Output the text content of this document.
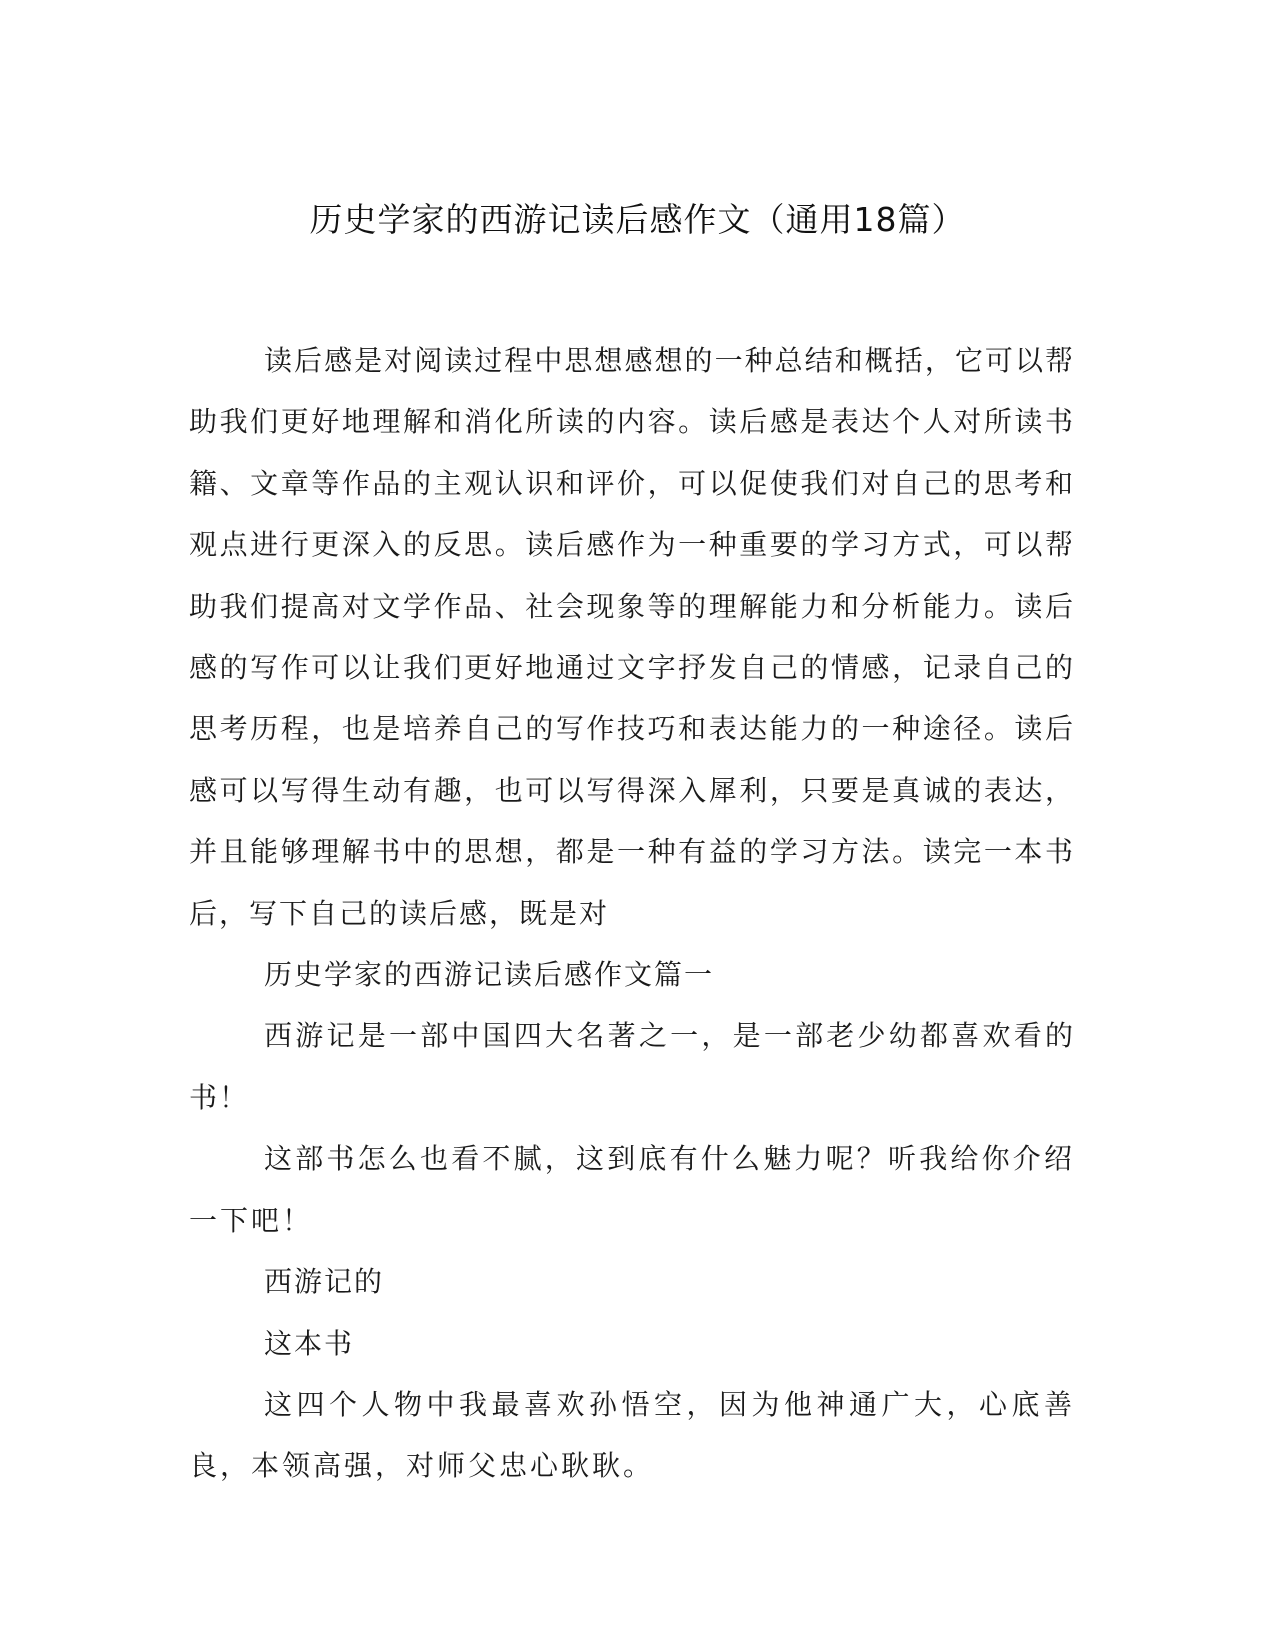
历史学家的西游记读后感作文（通用18篇）

读后感是对阅读过程中思想感想的一种总结和概括，它可以帮助我们更好地理解和消化所读的内容。读后感是表达个人对所读书籍、文章等作品的主观认识和评价，可以促使我们对自己的思考和观点进行更深入的反思。读后感作为一种重要的学习方式，可以帮助我们提高对文学作品、社会现象等的理解能力和分析能力。读后感的写作可以让我们更好地通过文字抒发自己的情感，记录自己的思考历程，也是培养自己的写作技巧和表达能力的一种途径。读后感可以写得生动有趣，也可以写得深入犀利，只要是真诚的表达，并且能够理解书中的思想，都是一种有益的学习方法。读完一本书后，写下自己的读后感，既是对

历史学家的西游记读后感作文篇一

西游记是一部中国四大名著之一，是一部老少幼都喜欢看的书！

这部书怎么也看不腻，这到底有什么魅力呢？听我给你介绍一下吧！

西游记的

这本书

这四个人物中我最喜欢孙悟空，因为他神通广大，心底善良，本领高强，对师父忠心耿耿。
